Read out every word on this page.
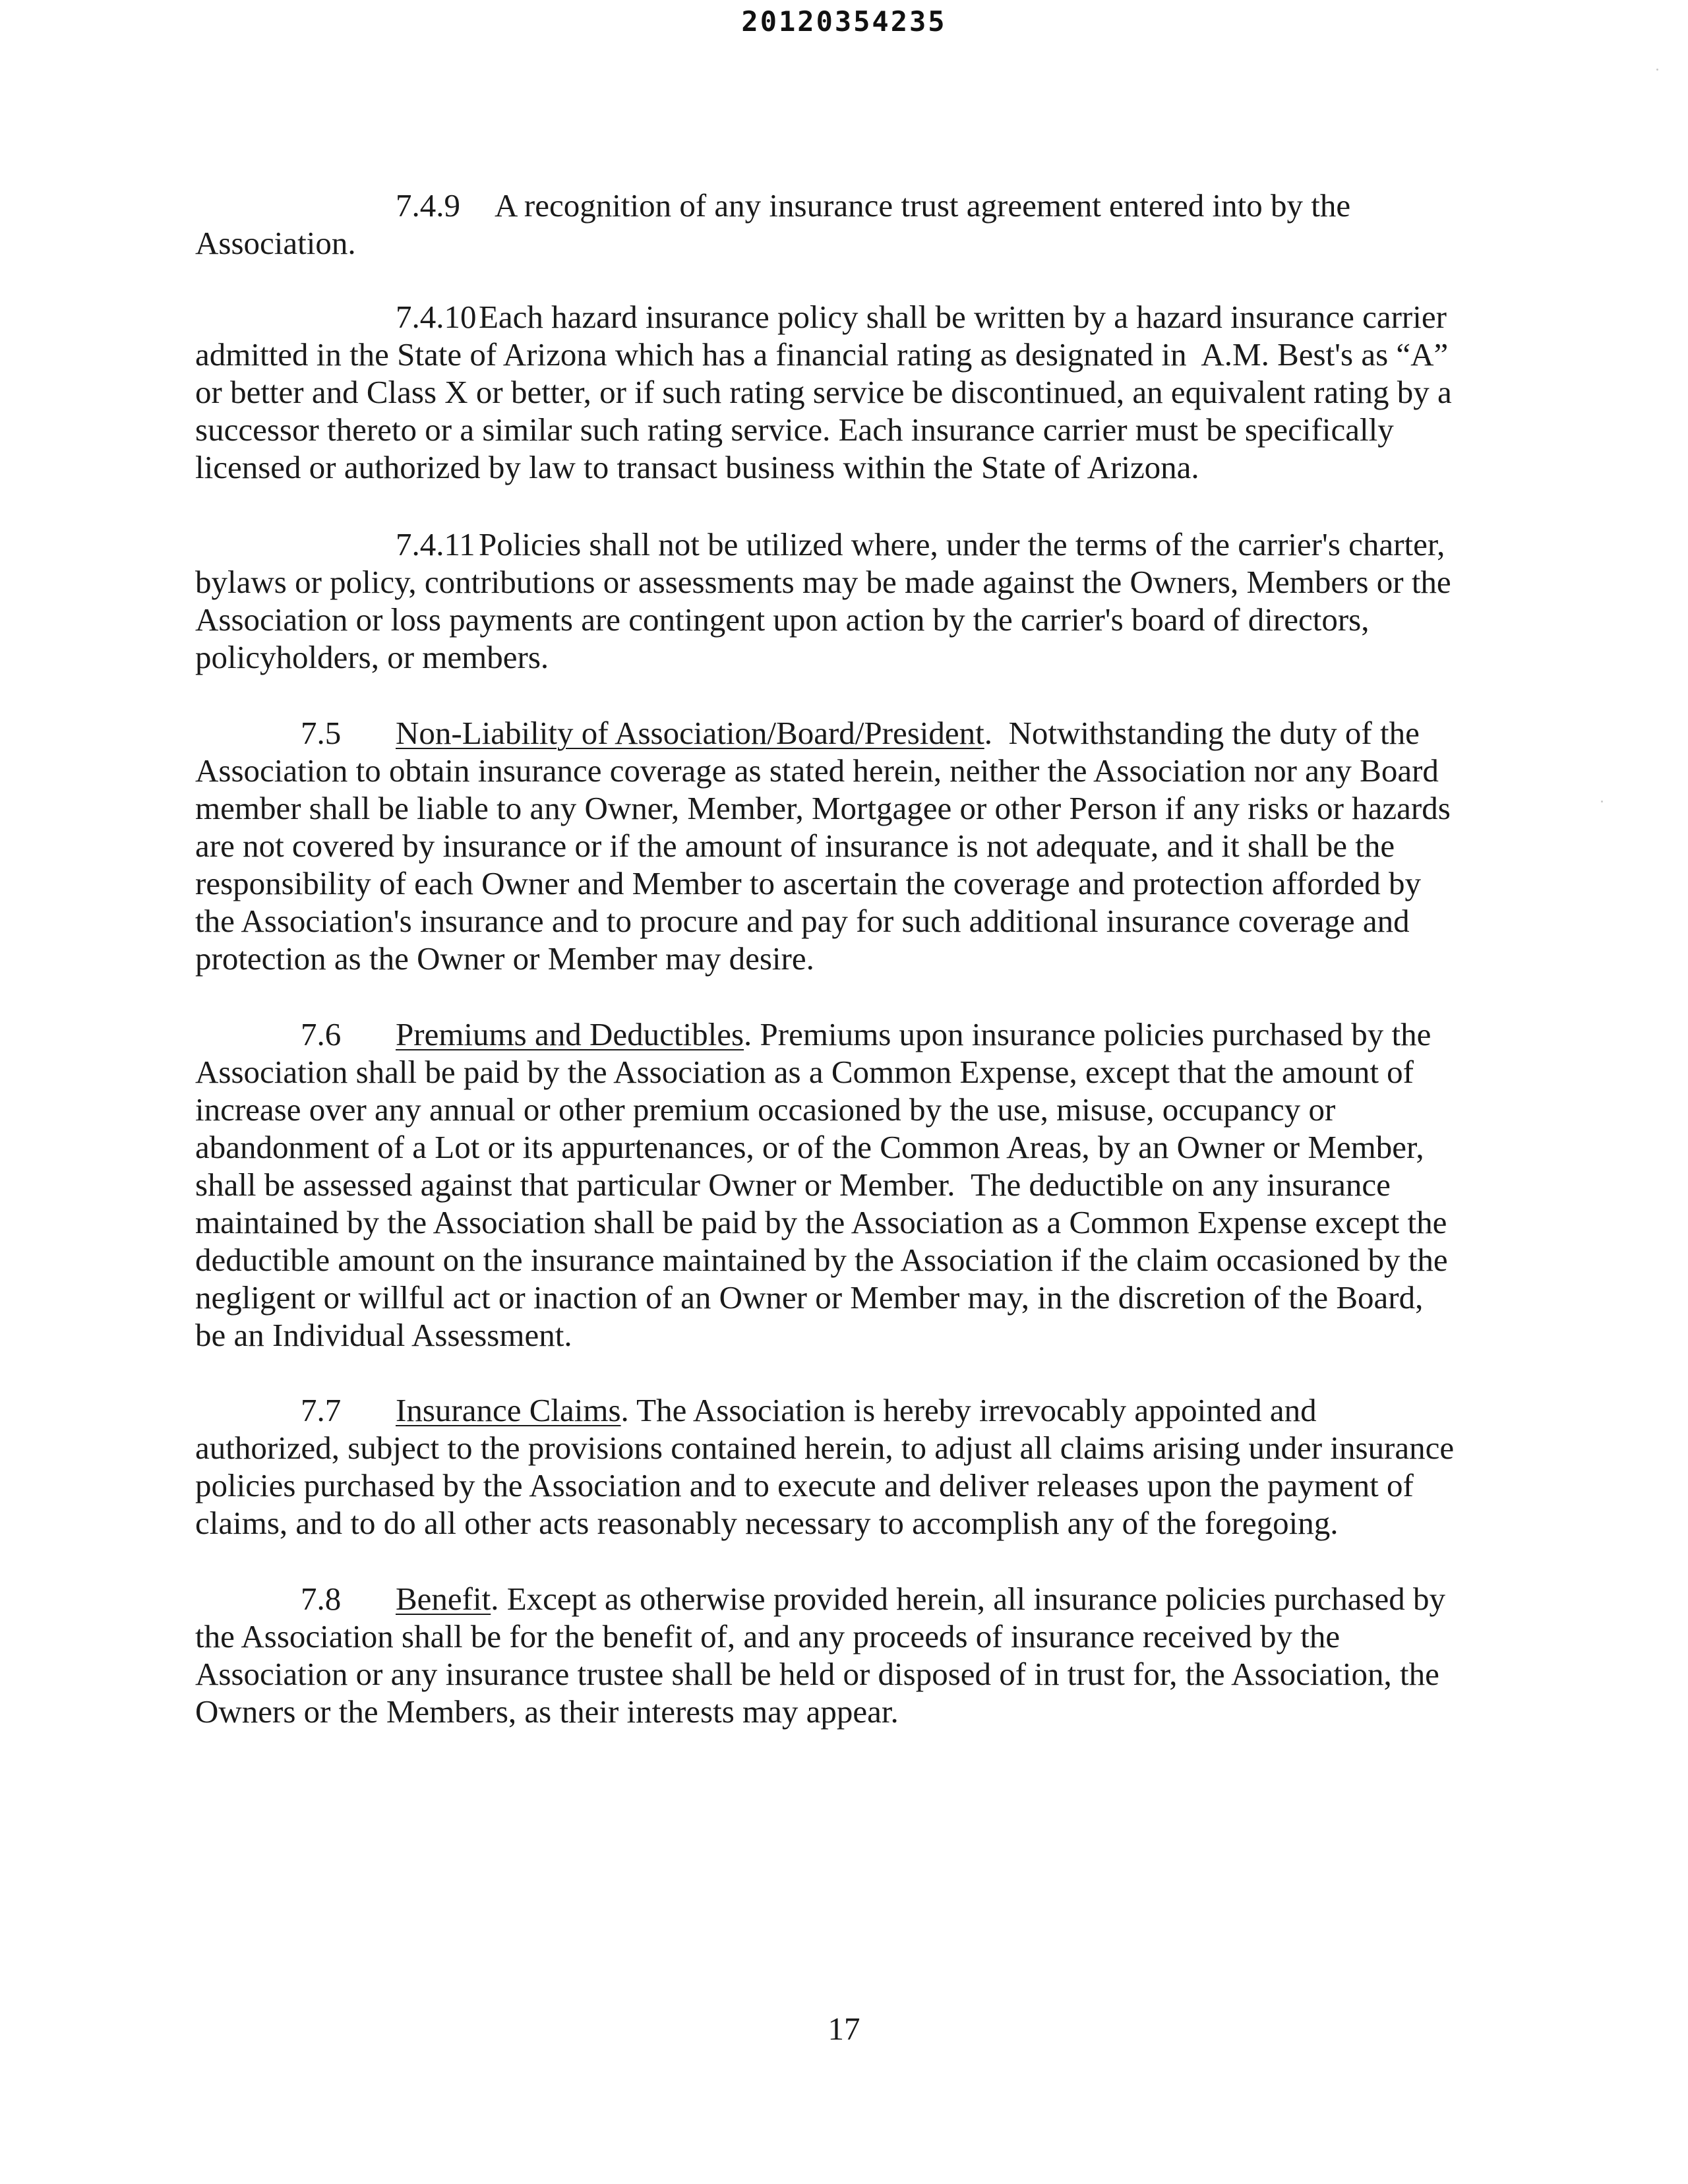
20120354235
7.4.9 A recognition of any insurance trust agreement entered into by the
Association.
7.4.10Each hazard insurance policy shall be written by a hazard insurance carrier
admitted in the State of Arizona which has a financial rating as designated in  A.M. Best's as “A”
or better and Class X or better, or if such rating service be discontinued, an equivalent rating by a
successor thereto or a similar such rating service. Each insurance carrier must be specifically
licensed or authorized by law to transact business within the State of Arizona.
7.4.11 Policies shall not be utilized where, under the terms of the carrier's charter,
bylaws or policy, contributions or assessments may be made against the Owners, Members or the
Association or loss payments are contingent upon action by the carrier's board of directors,
policyholders, or members.
7.5 Non-Liability of Association/Board/President.  Notwithstanding the duty of the
Association to obtain insurance coverage as stated herein, neither the Association nor any Board
member shall be liable to any Owner, Member, Mortgagee or other Person if any risks or hazards
are not covered by insurance or if the amount of insurance is not adequate, and it shall be the
responsibility of each Owner and Member to ascertain the coverage and protection afforded by
the Association's insurance and to procure and pay for such additional insurance coverage and
protection as the Owner or Member may desire.
7.6 Premiums and Deductibles. Premiums upon insurance policies purchased by the
Association shall be paid by the Association as a Common Expense, except that the amount of
increase over any annual or other premium occasioned by the use, misuse, occupancy or
abandonment of a Lot or its appurtenances, or of the Common Areas, by an Owner or Member,
shall be assessed against that particular Owner or Member.  The deductible on any insurance
maintained by the Association shall be paid by the Association as a Common Expense except the
deductible amount on the insurance maintained by the Association if the claim occasioned by the
negligent or willful act or inaction of an Owner or Member may, in the discretion of the Board,
be an Individual Assessment.
7.7 Insurance Claims. The Association is hereby irrevocably appointed and
authorized, subject to the provisions contained herein, to adjust all claims arising under insurance
policies purchased by the Association and to execute and deliver releases upon the payment of
claims, and to do all other acts reasonably necessary to accomplish any of the foregoing.
7.8 Benefit. Except as otherwise provided herein, all insurance policies purchased by
the Association shall be for the benefit of, and any proceeds of insurance received by the
Association or any insurance trustee shall be held or disposed of in trust for, the Association, the
Owners or the Members, as their interests may appear.
17
